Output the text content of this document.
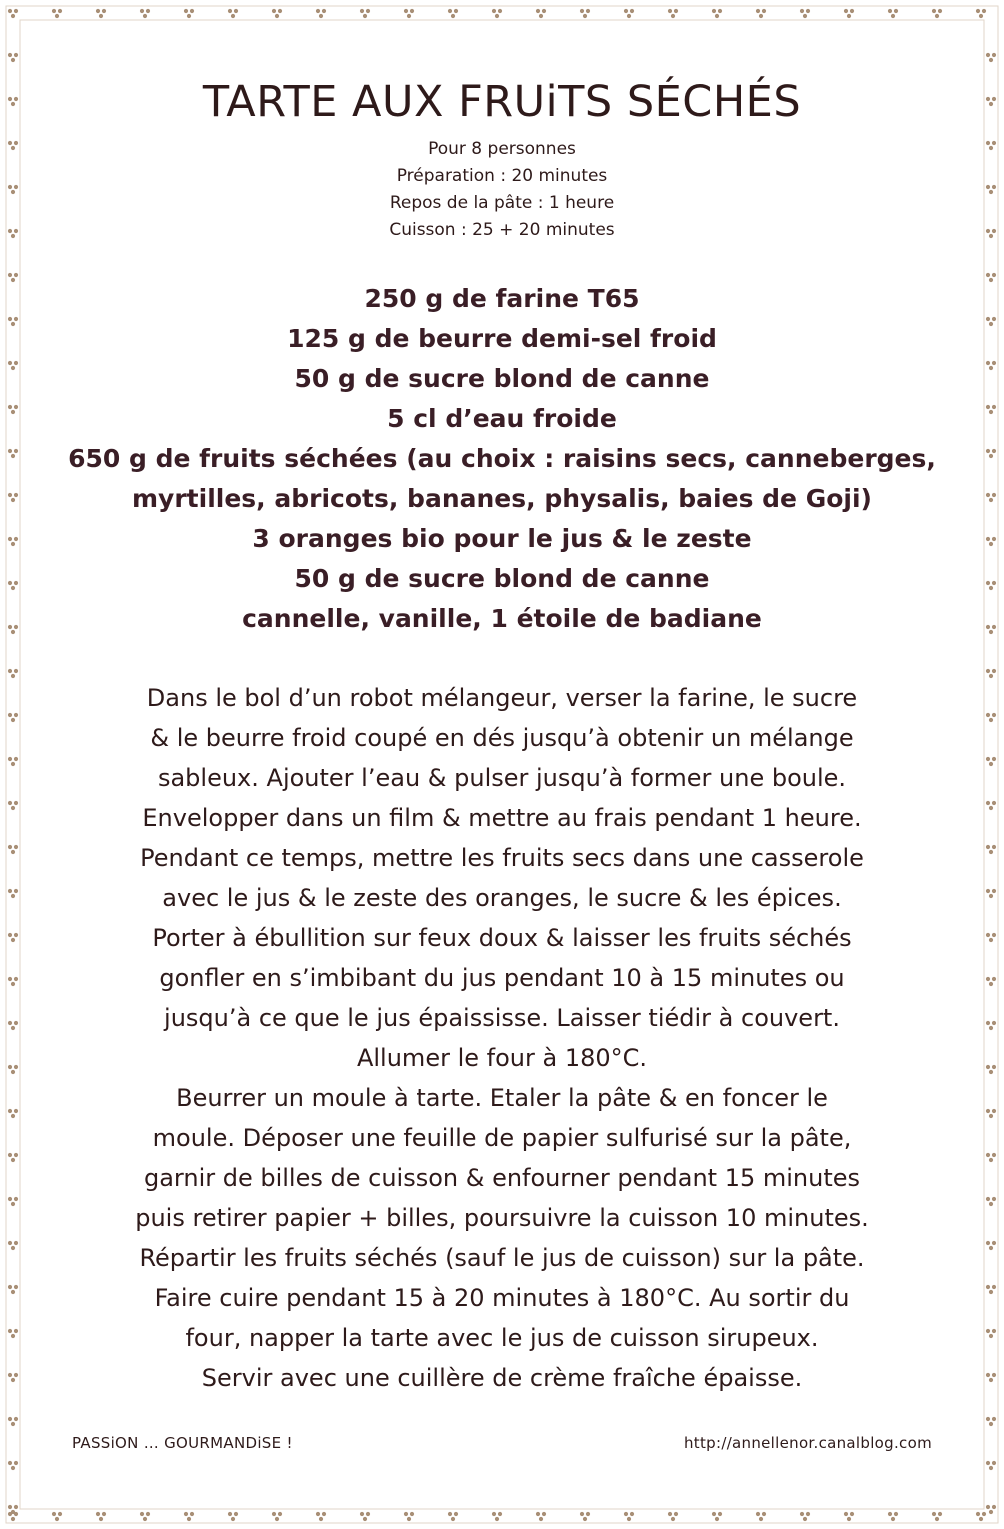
TARTE AUX FRUiTS SÉCHÉS
Pour 8 personnes
Préparation : 20 minutes
Repos de la pâte : 1 heure
Cuisson : 25 + 20 minutes
250 g de farine T65
125 g de beurre demi-sel froid
50 g de sucre blond de canne
5 cl d’eau froide
650 g de fruits séchées (au choix : raisins secs, canneberges,
myrtilles, abricots, bananes, physalis, baies de Goji)
3 oranges bio pour le jus & le zeste
50 g de sucre blond de canne
cannelle, vanille, 1 étoile de badiane
Dans le bol d’un robot mélangeur, verser la farine, le sucre
& le beurre froid coupé en dés jusqu’à obtenir un mélange
sableux. Ajouter l’eau & pulser jusqu’à former une boule.
Envelopper dans un film & mettre au frais pendant 1 heure.
Pendant ce temps, mettre les fruits secs dans une casserole
avec le jus & le zeste des oranges, le sucre & les épices.
Porter à ébullition sur feux doux & laisser les fruits séchés
gonfler en s’imbibant du jus pendant 10 à 15 minutes ou
jusqu’à ce que le jus épaississe. Laisser tiédir à couvert.
Allumer le four à 180°C.
Beurrer un moule à tarte. Etaler la pâte & en foncer le
moule. Déposer une feuille de papier sulfurisé sur la pâte,
garnir de billes de cuisson & enfourner pendant 15 minutes
puis retirer papier + billes, poursuivre la cuisson 10 minutes.
Répartir les fruits séchés (sauf le jus de cuisson) sur la pâte.
Faire cuire pendant 15 à 20 minutes à 180°C. Au sortir du
four, napper la tarte avec le jus de cuisson sirupeux.
Servir avec une cuillère de crème fraîche épaisse.
PASSiON … GOURMANDiSE !	http://annellenor.canalblog.com
